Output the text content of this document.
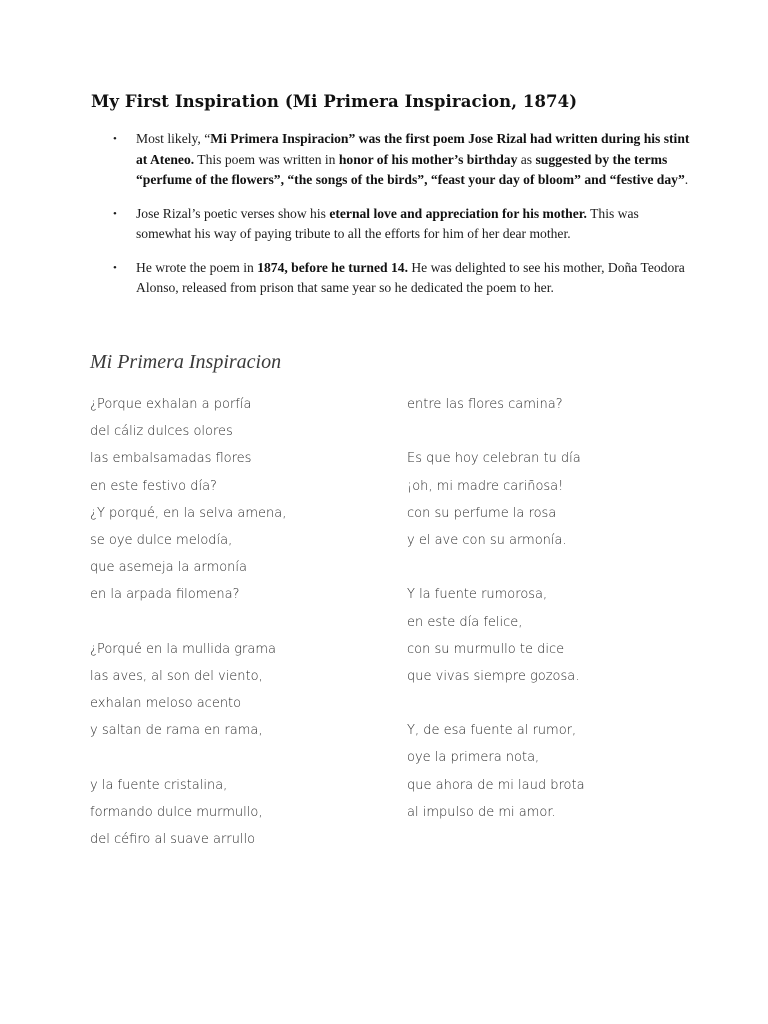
My First Inspiration (Mi Primera Inspiracion, 1874)
• Most likely, “Mi Primera Inspiracion” was the first poem Jose Rizal had written during his stint at Ateneo. This poem was written in honor of his mother’s birthday as suggested by the terms “perfume of the flowers”, “the songs of the birds”, “feast your day of bloom” and “festive day”.
• Jose Rizal’s poetic verses show his eternal love and appreciation for his mother. This was somewhat his way of paying tribute to all the efforts for him of her dear mother.
• He wrote the poem in 1874, before he turned 14. He was delighted to see his mother, Doña Teodora Alonso, released from prison that same year so he dedicated the poem to her.
Mi Primera Inspiracion
¿Porque exhalan a porfía
del cáliz dulces olores
las embalsamadas flores
en este festivo día?
¿Y porqué, en la selva amena,
se oye dulce melodía,
que asemeja la armonía
en la arpada filomena?
¿Porqué en la mullida grama
las aves, al son del viento,
exhalan meloso acento
y saltan de rama en rama,
y la fuente cristalina,
formando dulce murmullo,
del céfiro al suave arrullo
entre las flores camina?
Es que hoy celebran tu día
¡oh, mi madre cariñosa!
con su perfume la rosa
y el ave con su armonía.
Y la fuente rumorosa,
en este día felice,
con su murmullo te dice
que vivas siempre gozosa.
Y, de esa fuente al rumor,
oye la primera nota,
que ahora de mi laud brota
al impulso de mi amor.
